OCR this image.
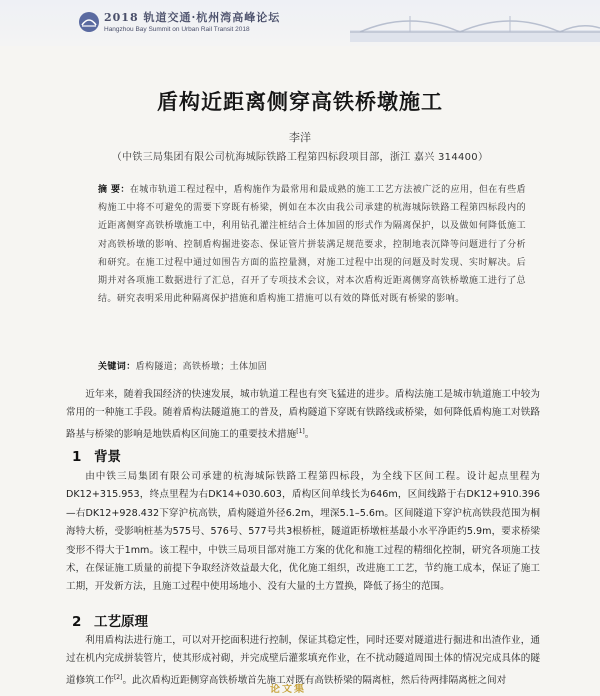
2018 轨道交通·杭州湾高峰论坛
Hangzhou Bay Summit on Urban Rail Transit 2018
盾构近距离侧穿高铁桥墩施工
李洋
（中铁三局集团有限公司杭海城际铁路工程第四标段项目部，浙江 嘉兴 314400）
摘 要：在城市轨道工程过程中，盾构施作为最常用和最成熟的施工工艺方法被广泛的应用，但在有些盾构施工中将不可避免的需要下穿既有桥梁，例如在本次由我公司承建的杭海城际铁路工程第四标段内的近距离侧穿高铁桥墩施工中，利用钻孔灌注桩结合土体加固的形式作为隔离保护，以及做如何降低施工对高铁桥墩的影响、控制盾构掘进姿态、保证管片拼装满足规范要求，控制地表沉降等问题进行了分析和研究。在施工过程中通过如围告方面的监控量测，对施工过程中出现的问题及时发现、实时解决。后期并对各项施工数据进行了汇总，召开了专项技术会议，对本次盾构近距离侧穿高铁桥墩施工进行了总结。研究表明采用此种隔离保护措施和盾构施工措施可以有效的降低对既有桥梁的影响。
关键词：盾构隧道；高铁桥墩；土体加固

近年来，随着我国经济的快速发展，城市轨道工程也有突飞猛进的进步。盾构法施工是城市轨道施工中较为常用的一种施工手段。随着盾构法隧道施工的普及，盾构隧道下穿既有铁路线或桥梁，如何降低盾构施工对铁路路基与桥梁的影响是地铁盾构区间施工的重要技术措施[1]。

1 背景

由中铁三局集团有限公司承建的杭海城际铁路工程第四标段，为全线下区间工程。设计起点里程为DK12+315.953，终点里程为右DK14+030.603，盾构区间单线长为646m，区间线路于右DK12+910.396—右DK12+928.432下穿沪杭高铁，盾构隧道外径6.2m，埋深5.1–5.6m。区间隧道下穿沪杭高铁段范围为桐海特大桥，受影响桩基为575号、576号、577号共3根桥桩，隧道距桥墩桩基最小水平净距约5.9m，要求桥梁变形不得大于1mm。该工程中，中铁三局项目部对施工方案的优化和施工过程的精细化控制，研究各项施工技术，在保证施工质量的前提下争取经济效益最大化，优化施工组织，改进施工工艺，节约施工成本，保证了施工工期，开发新方法，且施工过程中使用场地小、没有大量的土方置换，降低了扬尘的范围。

2 工艺原理

利用盾构法进行施工，可以对开挖面积进行控制，保证其稳定性，同时还要对隧道进行掘进和出渣作业，通过在机内完成拼装管片，使其形成衬砌，并完成壁后灌浆填充作业，在不扰动隧道周围土体的情况完成具体的隧道修筑工作[2]。此次盾构近距侧穿高铁桥墩首先施工对既有高铁桥梁的隔离桩，然后待两排隔离桩之间对

论文集
